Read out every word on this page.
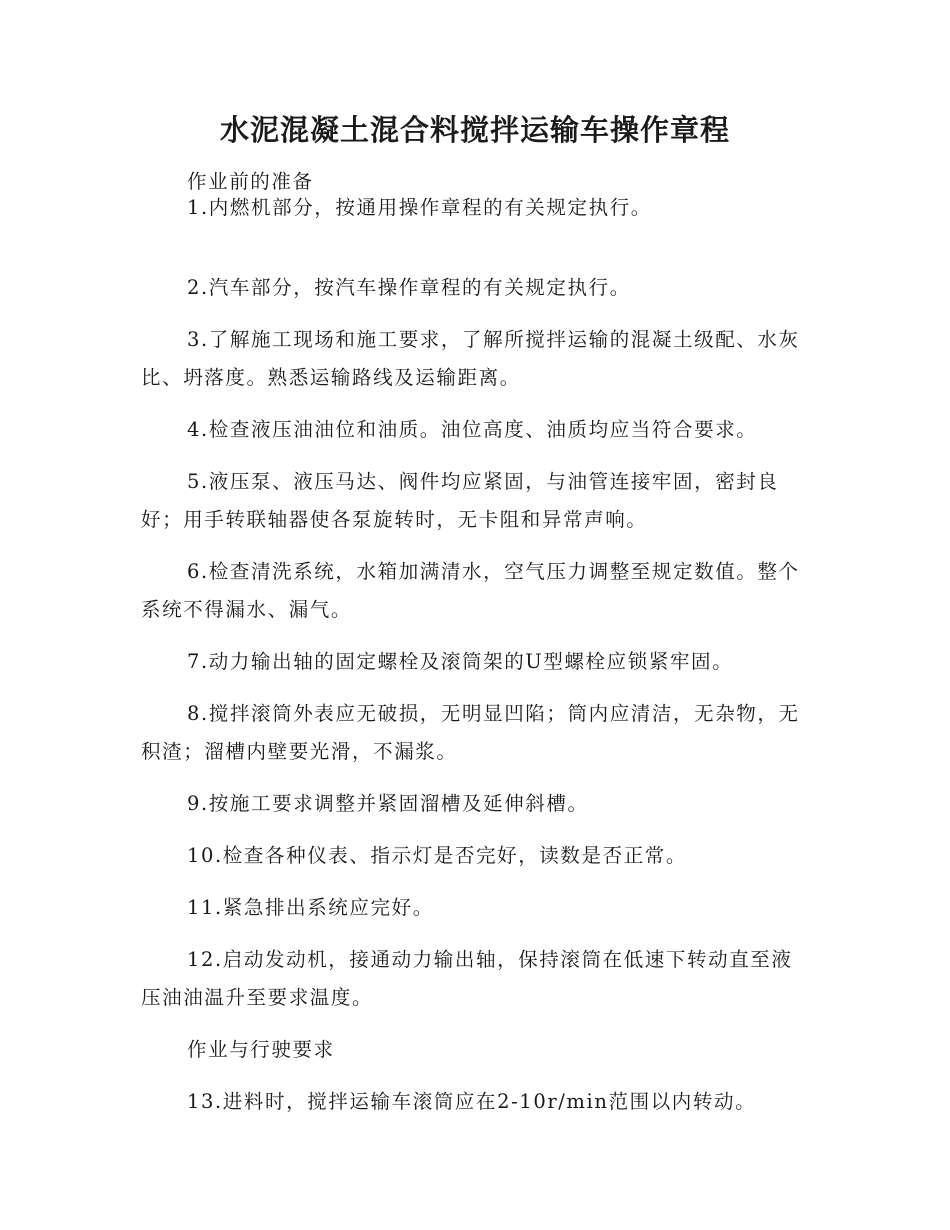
水泥混凝土混合料搅拌运输车操作章程

作业前的准备

1.内燃机部分，按通用操作章程的有关规定执行。

2.汽车部分，按汽车操作章程的有关规定执行。

3.了解施工现场和施工要求，了解所搅拌运输的混凝土级配、水灰比、坍落度。熟悉运输路线及运输距离。

4.检查液压油油位和油质。油位高度、油质均应当符合要求。

5.液压泵、液压马达、阀件均应紧固，与油管连接牢固，密封良好；用手转联轴器使各泵旋转时，无卡阻和异常声响。

6.检查清洗系统，水箱加满清水，空气压力调整至规定数值。整个系统不得漏水、漏气。

7.动力输出轴的固定螺栓及滚筒架的U型螺栓应锁紧牢固。

8.搅拌滚筒外表应无破损，无明显凹陷；筒内应清洁，无杂物，无积渣；溜槽内壁要光滑，不漏浆。

9.按施工要求调整并紧固溜槽及延伸斜槽。

10.检查各种仪表、指示灯是否完好，读数是否正常。

11.紧急排出系统应完好。

12.启动发动机，接通动力输出轴，保持滚筒在低速下转动直至液压油油温升至要求温度。

作业与行驶要求

13.进料时，搅拌运输车滚筒应在2-10r/min范围以内转动。
